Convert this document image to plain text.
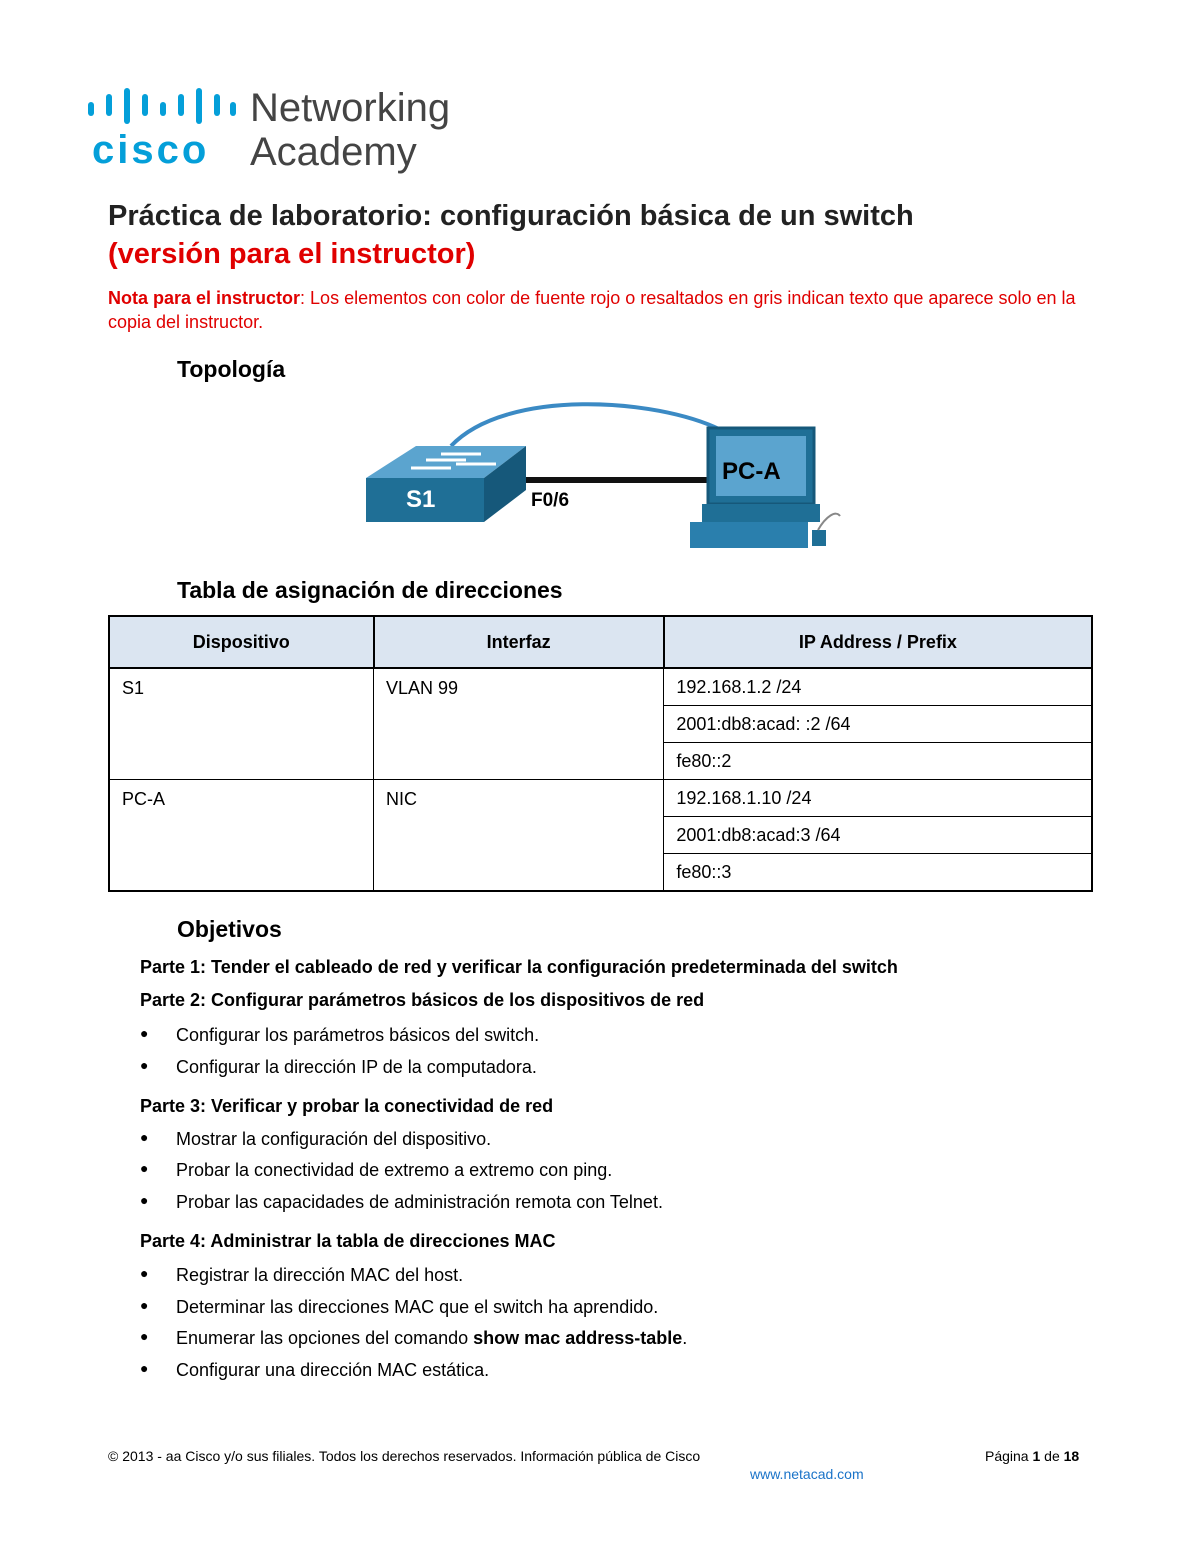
cisco
Networking
Academy
Práctica de laboratorio: configuración básica de un switch
(versión para el instructor)
Nota para el instructor: Los elementos con color de fuente rojo o resaltados en gris indican texto que aparece solo en la copia del instructor.
Topología
S1	F0/6
PC-A
Tabla de asignación de direcciones
Dispositivo	Interfaz	IP Address / Prefix
S1	VLAN 99	192.168.1.2 /24
		2001:db8:acad: :2 /64
		fe80::2
PC-A	NIC	192.168.1.10 /24
		2001:db8:acad:3 /64
		fe80::3
Objetivos
Parte 1: Tender el cableado de red y verificar la configuración predeterminada del switch
Parte 2: Configurar parámetros básicos de los dispositivos de red
● Configurar los parámetros básicos del switch.
● Configurar la dirección IP de la computadora.
Parte 3: Verificar y probar la conectividad de red
● Mostrar la configuración del dispositivo.
● Probar la conectividad de extremo a extremo con ping.
● Probar las capacidades de administración remota con Telnet.
Parte 4: Administrar la tabla de direcciones MAC
● Registrar la dirección MAC del host.
● Determinar las direcciones MAC que el switch ha aprendido.
● Enumerar las opciones del comando show mac address-table.
● Configurar una dirección MAC estática.
© 2013 - aa Cisco y/o sus filiales. Todos los derechos reservados. Información pública de Cisco	Página 1 de 18
www.netacad.com
